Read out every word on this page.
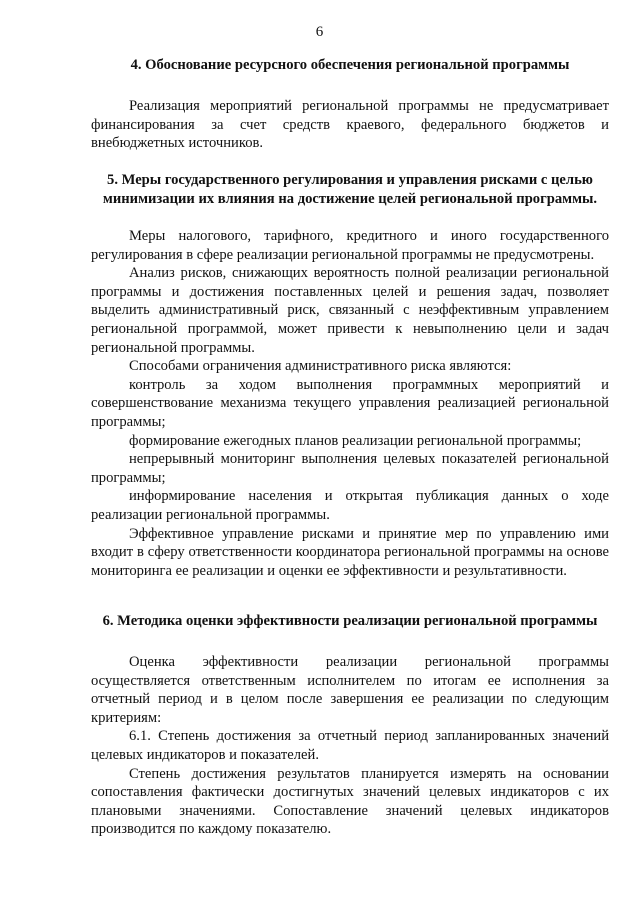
6
4. Обоснование ресурсного обеспечения региональной программы

Реализация мероприятий региональной программы не предусматривает финансирования за счет средств краевого, федерального бюджетов и внебюджетных источников.

5. Меры государственного регулирования и управления рисками с целью
минимизации их влияния на достижение целей региональной программы.

Меры налогового, тарифного, кредитного и иного государственного регулирования в сфере реализации региональной программы не предусмотрены.

Анализ рисков, снижающих вероятность полной реализации региональной программы и достижения поставленных целей и решения задач, позволяет выделить административный риск, связанный с неэффективным управлением региональной программой, может привести к невыполнению цели и задач региональной программы.

Способами ограничения административного риска являются:

контроль за ходом выполнения программных мероприятий и совершенствование механизма текущего управления реализацией региональной программы;

формирование ежегодных планов реализации региональной программы;

непрерывный мониторинг выполнения целевых показателей региональной программы;

информирование населения и открытая публикация данных о ходе реализации региональной программы.

Эффективное управление рисками и принятие мер по управлению ими входит в сферу ответственности координатора региональной программы на основе мониторинга ее реализации и оценки ее эффективности и результативности.

6. Методика оценки эффективности реализации региональной программы

Оценка эффективности реализации региональной программы осуществляется ответственным исполнителем по итогам ее исполнения за отчетный период и в целом после завершения ее реализации по следующим критериям:

6.1. Степень достижения за отчетный период запланированных значений целевых индикаторов и показателей.

Степень достижения результатов планируется измерять на основании сопоставления фактически достигнутых значений целевых индикаторов с их плановыми значениями. Сопоставление значений целевых индикаторов производится по каждому показателю.
